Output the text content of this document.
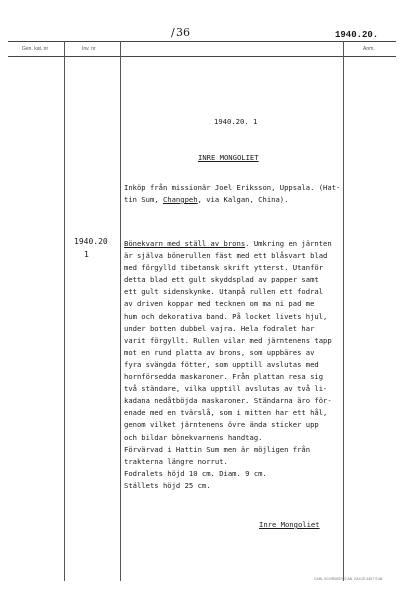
/ 36	1940.20.
Gen. kat. nr	Inv. nr	Anm.
1940.20. 1
INRE MONGOLIET
Inköp från missionär Joel Eriksson, Uppsala. (Hat-
tin Sum, Changpeh, via Kalgan, China).
1940.20
1
Bönekvarn med ställ av brons. Umkring en järnten
är själva bönerullen fäst med ett blåsvart blad
med förgylld tibetansk skrift ytterst. Utanför
detta blad ett gult skyddsplad av papper samt
ett gult sidenskynke. Utanpå rullen ett fodral
av driven koppar med tecknen om ma ni pad me
hum och dekorativa band. På locket livets hjul,
under botten dubbel vajra. Hela fodralet har
varit förgyllt. Rullen vilar med järntenens tapp
mot en rund platta av brons, som uppbäres av
fyra svängda fötter, som upptill avslutas med
hornförsedda maskaroner. Från plattan resa sig
två ständare, vilka upptill avslutas av två li-
kadana nedåtböjda maskaroner. Ständarna äro för-
enade med en tvärslå, som i mitten har ett hål,
genom vilket järntenens övre ända sticker upp
och bildar bönekvarnens handtag.
Förvärvad i Hattin Sum men är möjligen från
trakterna längre norrut.
Fodralets höjd 10 cm. Diam. 9 cm.
Ställets höjd 25 cm.
Inre Mongoliet
CARL SCHRØDERS AB, VÄXJÖ 4407 S 68
